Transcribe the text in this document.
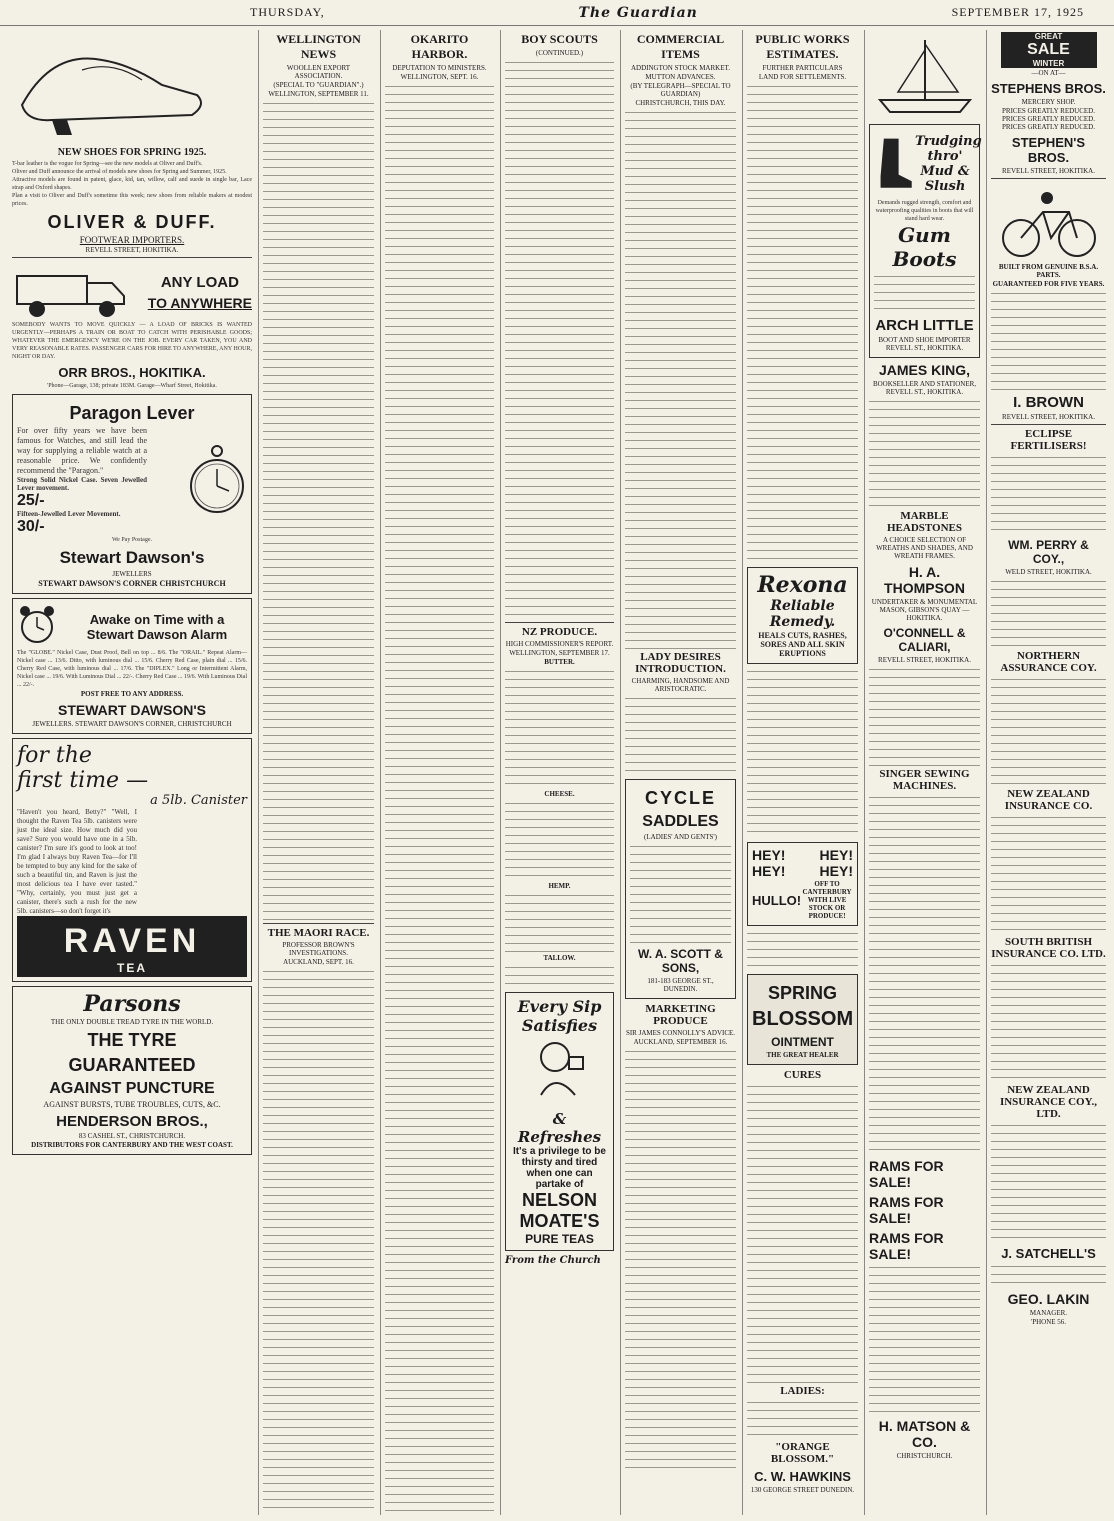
THURSDAY,	The Guardian	SEPTEMBER 17, 1925
NEW SHOES FOR SPRING 1925.
T-bar leather is the vogue for Spring—see the new models at Oliver and Duff's.
Oliver and Duff announce the arrival of models new shoes for Spring and Summer, 1925.
Attractive models are found in patent, glace, kid, tan, willow, calf and suede in single bar, Lace strap and Oxford shapes.
Plan a visit to Oliver and Duff's sometime this week; new shoes from reliable makers at modest prices.
OLIVER & DUFF.
FOOTWEAR IMPORTERS.
REVELL STREET, HOKITIKA.
ANY LOAD
TO ANYWHERE
SOMEBODY WANTS TO MOVE QUICKLY — A LOAD OF BRICKS IS WANTED URGENTLY—PERHAPS A TRAIN OR BOAT TO CATCH WITH PERISHABLE GOODS; WHATEVER THE EMERGENCY WE'RE ON THE JOB. EVERY CAR TAKEN, YOU AND VERY REASONABLE RATES. PASSENGER CARS FOR HIRE TO ANYWHERE, ANY HOUR, NIGHT OR DAY.
ORR BROS., HOKITIKA.
'Phone—Garage, 138; private 183M. Garage—Wharf Street, Hokitika.
Paragon Lever
For over fifty years we have been famous for Watches, and still lead the way for supplying a reliable watch at a reasonable price. We confidently recommend the "Paragon."
Strong Solid Nickel Case. Seven Jewelled Lever movement.
25/-
Fifteen-Jewelled Lever Movement.
30/-
We Pay Postage.
Stewart Dawson's
JEWELLERS
STEWART DAWSON'S CORNER CHRISTCHURCH
Awake on Time with a Stewart Dawson Alarm
The "GLOBE." Nickel Case, Dust Proof, Bell on top ... 8/6. The "ORAIL." Repeat Alarm— Nickel case ... 13/6. Ditto, with luminous dial ... 15/6. Cherry Red Case, plain dial ... 15/6. Cherry Red Case, with luminous dial ... 17/6. The "DIPLEX." Long or Intermittent Alarm, Nickel case ... 19/6. With Luminous Dial ... 22/-. Cherry Red Case ... 19/6. With Luminous Dial ... 22/-.
POST FREE TO ANY ADDRESS.
STEWART DAWSON'S
JEWELLERS. STEWART DAWSON'S CORNER, CHRISTCHURCH
for the
first time —
a 5lb. Canister
"Haven't you heard, Betty?" "Well, I thought the Raven Tea 5lb. canisters were just the ideal size. How much did you save? Sure you would have one in a 5lb. canister? I'm sure it's good to look at too! I'm glad I always buy Raven Tea—for I'll be tempted to buy any kind for the sake of such a beautiful tin, and Raven is just the most delicious tea I have ever tasted." "Why, certainly, you must just get a canister, there's such a rush for the new 5lb. canisters—so don't forget it's
RAVEN
TEA
Parsons
THE ONLY DOUBLE TREAD TYRE IN THE WORLD.
THE TYRE
GUARANTEED
AGAINST PUNCTURE
AGAINST BURSTS, TUBE TROUBLES, CUTS, &C.
HENDERSON BROS.,
83 CASHEL ST., CHRISTCHURCH.
DISTRIBUTORS FOR CANTERBURY AND THE WEST COAST.
WELLINGTON NEWS
WOOLLEN EXPORT ASSOCIATION.
(SPECIAL TO "GUARDIAN".)
WELLINGTON, SEPTEMBER 11.
THE MAORI RACE.
PROFESSOR BROWN'S INVESTIGATIONS.
AUCKLAND, SEPT. 16.
OKARITO HARBOR.
DEPUTATION TO MINISTERS.
WELLINGTON, SEPT. 16.
BOY SCOUTS
(CONTINUED.)
NZ PRODUCE.
HIGH COMMISSIONER'S REPORT.
WELLINGTON, SEPTEMBER 17.
BUTTER.
CHEESE.
HEMP.
TALLOW.
Every Sip
Satisfies
& Refreshes
It's a privilege to be thirsty and tired when one can partake of
NELSON MOATE'S
PURE TEAS
From the Church
COMMERCIAL ITEMS
ADDINGTON STOCK MARKET.
MUTTON ADVANCES.
(BY TELEGRAPH—SPECIAL TO GUARDIAN)
CHRISTCHURCH, THIS DAY.
LADY DESIRES INTRODUCTION.
CHARMING, HANDSOME AND ARISTOCRATIC.
CYCLE
SADDLES
(LADIES' AND GENTS')
W. A. SCOTT & SONS,
181-183 GEORGE ST., DUNEDIN.
MARKETING PRODUCE
SIR JAMES CONNOLLY'S ADVICE.
AUCKLAND, SEPTEMBER 16.
PUBLIC WORKS ESTIMATES.
FURTHER PARTICULARS
LAND FOR SETTLEMENTS.
Rexona
Reliable Remedy.
HEALS CUTS, RASHES, SORES AND ALL SKIN ERUPTIONS
HEY! HEY!
HEY! HEY!
HULLO!
OFF TO CANTERBURY WITH LIVE STOCK OR PRODUCE!
SPRING
BLOSSOM
OINTMENT
THE GREAT HEALER
CURES
LADIES:
"ORANGE BLOSSOM."
C. W. HAWKINS
130 GEORGE STREET DUNEDIN.
Trudging thro'
Mud & Slush
Demands rugged strength, comfort and waterproofing qualities in boots that will stand hard wear.
Gum Boots
ARCH LITTLE
BOOT AND SHOE IMPORTER REVELL ST., HOKITIKA.
JAMES KING,
BOOKSELLER AND STATIONER, REVELL ST., HOKITIKA.
MARBLE HEADSTONES
A CHOICE SELECTION OF WREATHS AND SHADES, AND WREATH FRAMES.
H. A. THOMPSON
UNDERTAKER & MONUMENTAL MASON, GIBSON'S QUAY — HOKITIKA.
O'CONNELL & CALIARI,
REVELL STREET, HOKITIKA.
SINGER SEWING MACHINES.
RAMS FOR SALE!
RAMS FOR SALE!
RAMS FOR SALE!
H. MATSON & CO.
CHRISTCHURCH.
GREAT
SALE
WINTER
—ON AT—
STEPHENS BROS.
MERCERY SHOP.
PRICES GREATLY REDUCED. PRICES GREATLY REDUCED. PRICES GREATLY REDUCED.
STEPHEN'S BROS.
REVELL STREET, HOKITIKA.
BUILT FROM GENUINE B.S.A. PARTS.
GUARANTEED FOR FIVE YEARS.
I. BROWN
REVELL STREET, HOKITIKA.
ECLIPSE FERTILISERS!
WM. PERRY & COY.,
WELD STREET, HOKITIKA.
NORTHERN ASSURANCE COY.
NEW ZEALAND INSURANCE CO.
SOUTH BRITISH INSURANCE CO. LTD.
NEW ZEALAND INSURANCE COY., LTD.
J. SATCHELL'S
GEO. LAKIN
MANAGER.
'PHONE 56.
